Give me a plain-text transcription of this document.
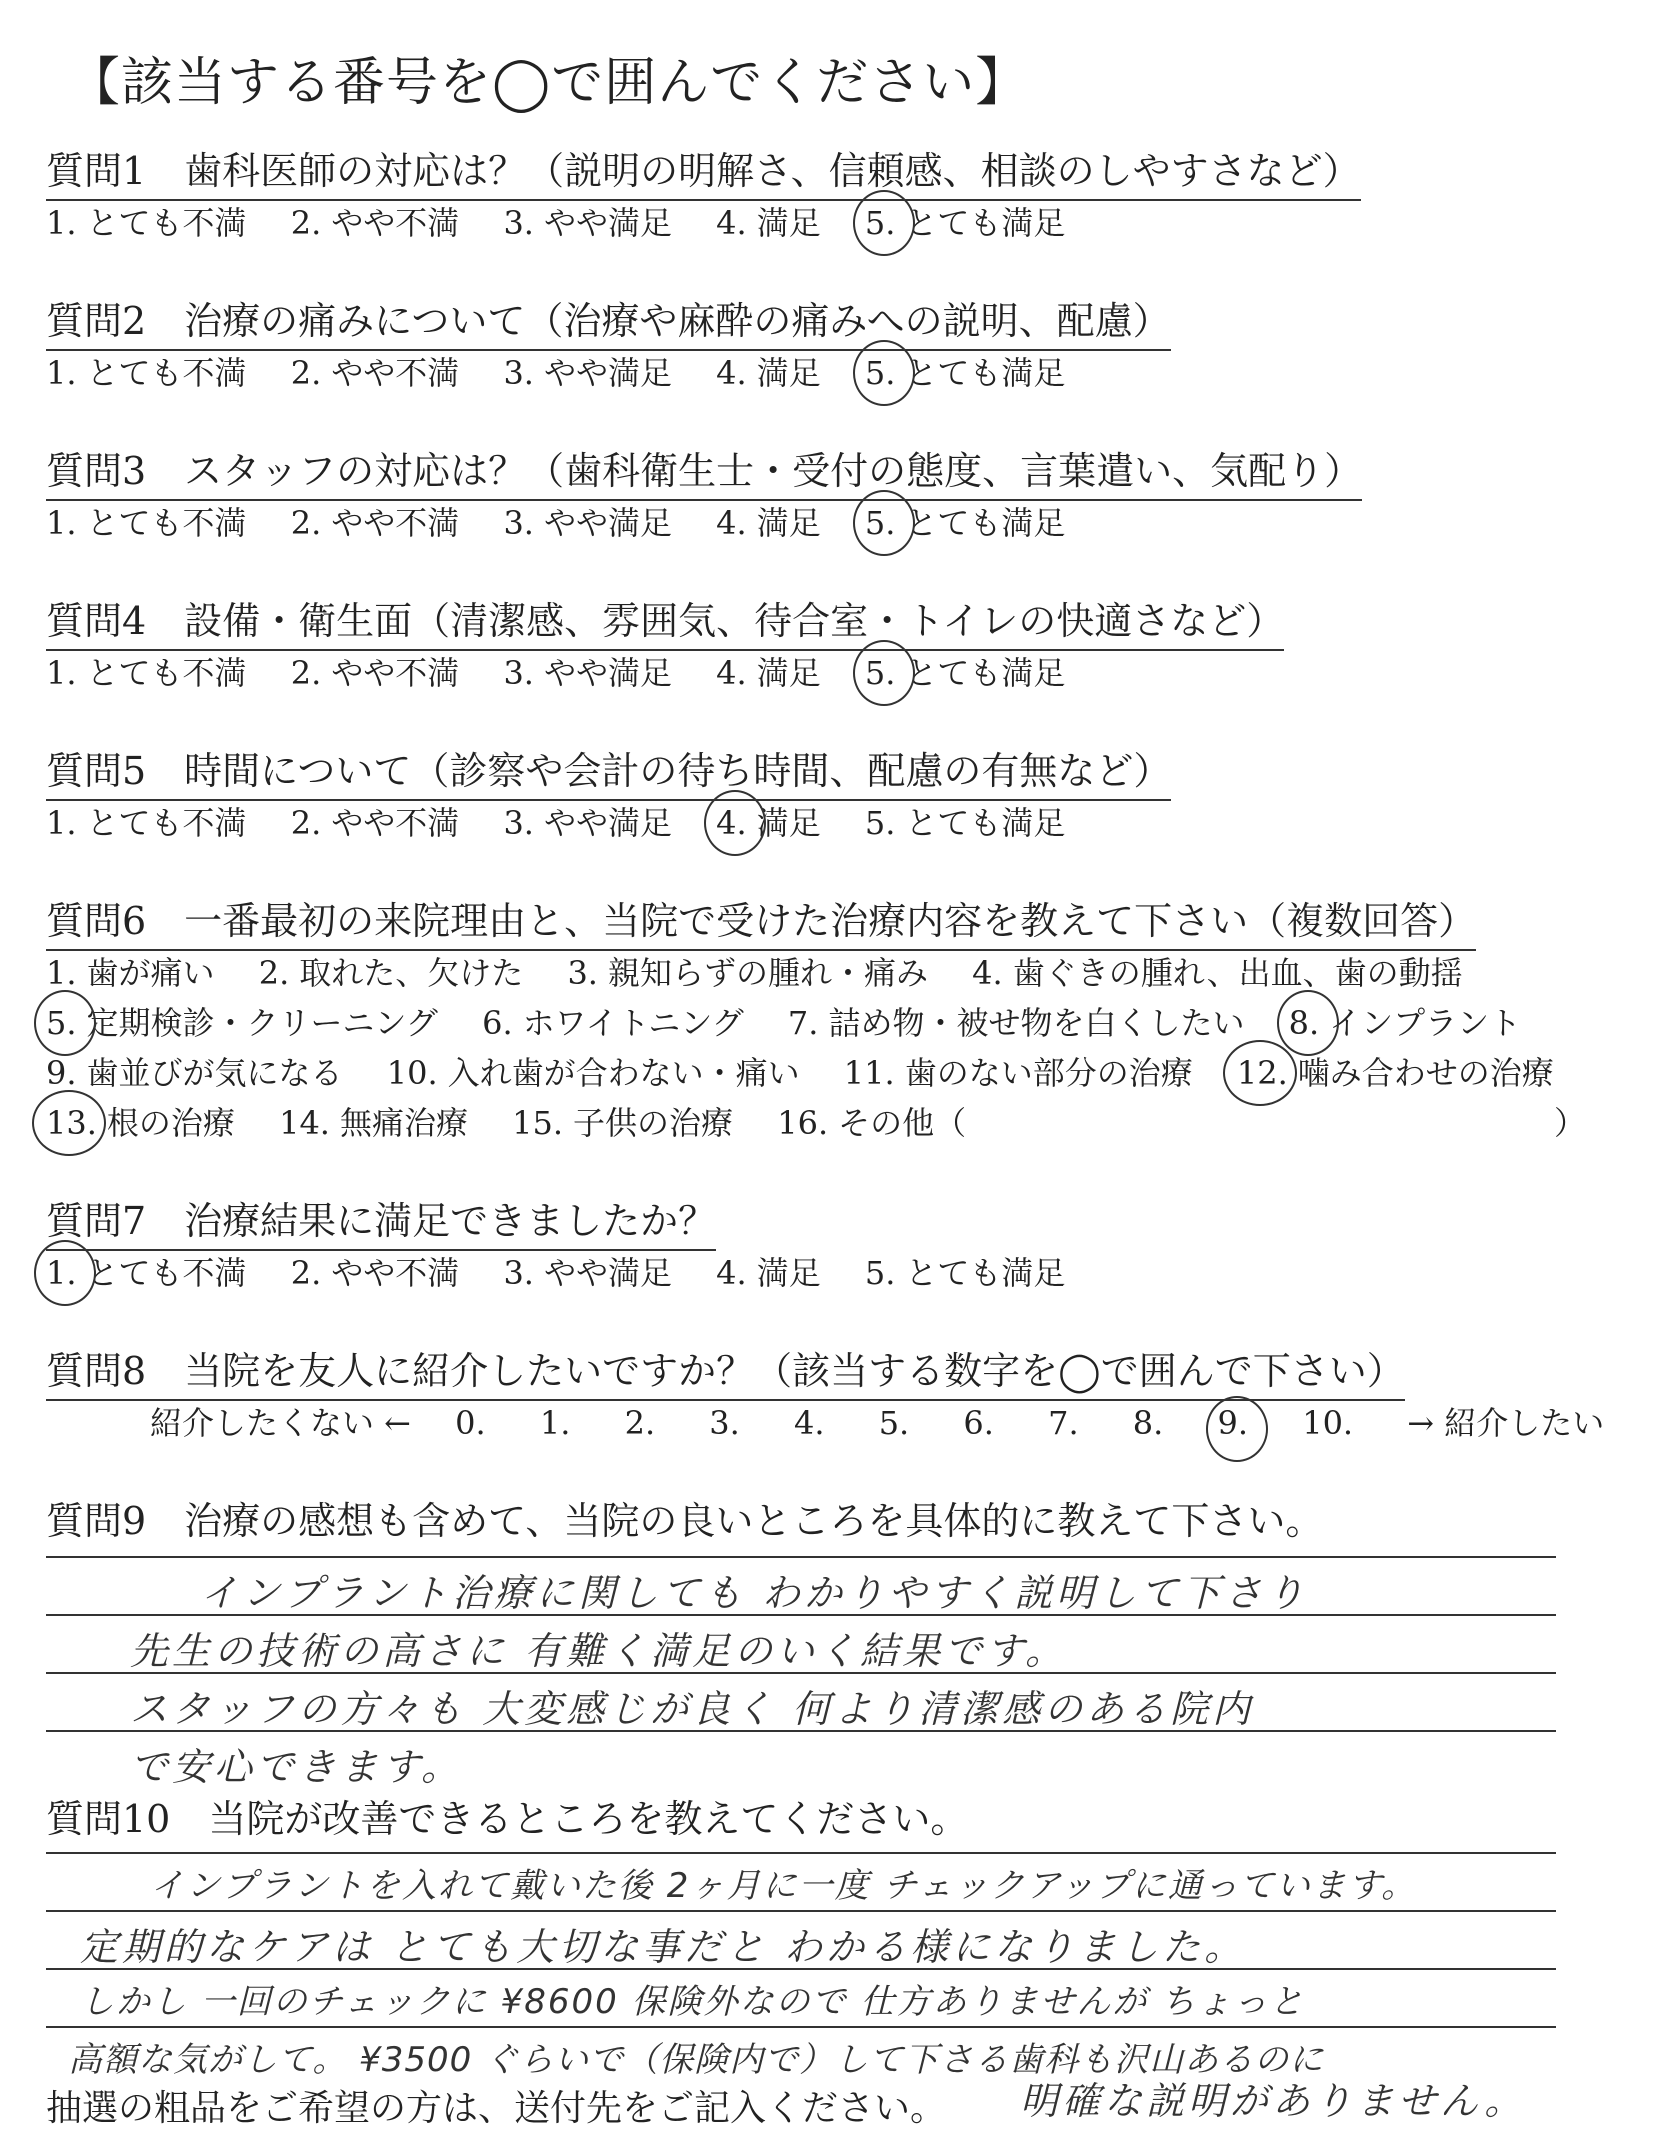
【該当する番号を◯で囲んでください】
質問1　歯科医師の対応は？（説明の明解さ、信頼感、相談のしやすさなど）
1. とても不満 2. やや不満 3. やや満足 4. 満足 5. とても満足
質問2　治療の痛みについて（治療や麻酔の痛みへの説明、配慮）
1. とても不満 2. やや不満 3. やや満足 4. 満足 5. とても満足
質問3　スタッフの対応は？（歯科衛生士・受付の態度、言葉遣い、気配り）
1. とても不満 2. やや不満 3. やや満足 4. 満足 5. とても満足
質問4　設備・衛生面（清潔感、雰囲気、待合室・トイレの快適さなど）
1. とても不満 2. やや不満 3. やや満足 4. 満足 5. とても満足
質問5　時間について（診察や会計の待ち時間、配慮の有無など）
1. とても不満 2. やや不満 3. やや満足 4. 満足 5. とても満足
質問6　一番最初の来院理由と、当院で受けた治療内容を教えて下さい（複数回答）
1. 歯が痛い 2. 取れた、欠けた 3. 親知らずの腫れ・痛み 4. 歯ぐきの腫れ、出血、歯の動揺
5. 定期検診・クリーニング 6. ホワイトニング 7. 詰め物・被せ物を白くしたい 8. インプラント
9. 歯並びが気になる 10. 入れ歯が合わない・痛い 11. 歯のない部分の治療 12. 噛み合わせの治療
13. 根の治療 14. 無痛治療 15. 子供の治療 16. その他（	）
質問7　治療結果に満足できましたか？
1. とても不満 2. やや不満 3. やや満足 4. 満足 5. とても満足
質問8　当院を友人に紹介したいですか？（該当する数字を◯で囲んで下さい）
紹介したくない ← 0. 1. 2. 3. 4. 5. 6. 7. 8. 9. 10. → 紹介したい
質問9　治療の感想も含めて、当院の良いところを具体的に教えて下さい。
インプラント治療に関しても わかりやすく説明して下さり
先生の技術の高さに 有難く満足のいく結果です。
スタッフの方々も 大変感じが良く 何より清潔感のある院内
で安心できます。
質問10　当院が改善できるところを教えてください。
インプラントを入れて戴いた後 2ヶ月に一度 チェックアップに通っています。
定期的なケアは とても大切な事だと わかる様になりました。
しかし 一回のチェックに ¥8600 保険外なので 仕方ありませんが ちょっと
高額な気がして。 ¥3500 ぐらいで（保険内で）して下さる歯科も沢山あるのに
明確な説明がありません。
抽選の粗品をご希望の方は、送付先をご記入ください。
